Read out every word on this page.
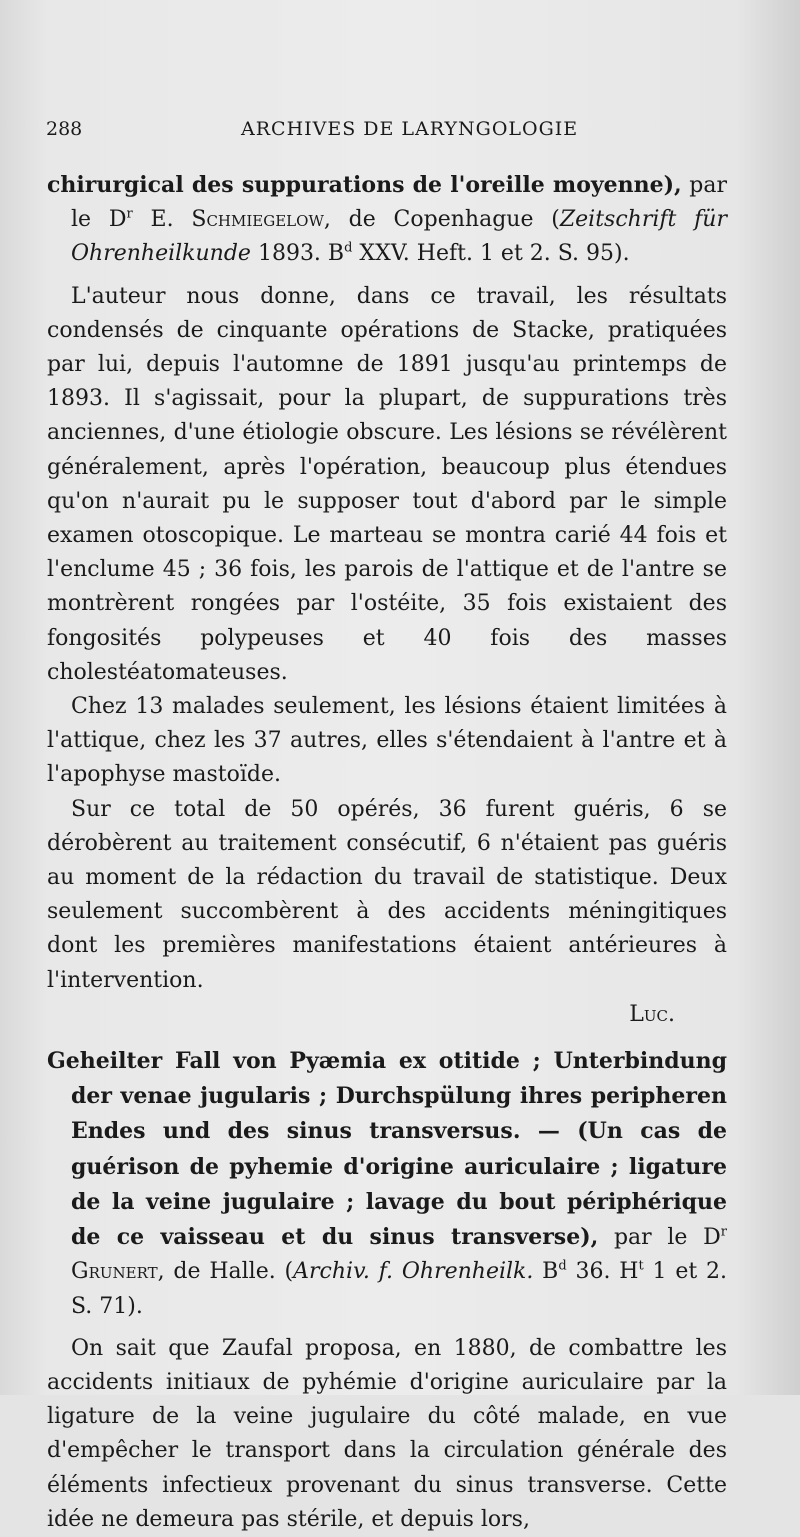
288	ARCHIVES DE LARYNGOLOGIE

chirurgical des suppurations de l'oreille moyenne), par le $D^r$ E. Schmiegelow, de Copenhague (Zeitschrift für Ohrenheilkunde 1893. $B^d$ XXV. Heft. 1 et 2. S. 95).

L'auteur nous donne, dans ce travail, les résultats condensés de cinquante opérations de Stacke, pratiquées par lui, depuis l'automne de 1891 jusqu'au printemps de 1893. Il s'agissait, pour la plupart, de suppurations très anciennes, d'une étiologie obscure. Les lésions se révélèrent généralement, après l'opération, beaucoup plus étendues qu'on n'aurait pu le supposer tout d'abord par le simple examen otoscopique. Le marteau se montra carié 44 fois et l'enclume 45 ; 36 fois, les parois de l'attique et de l'antre se montrèrent rongées par l'ostéite, 35 fois existaient des fongosités polypeuses et 40 fois des masses cholestéatomateuses.

Chez 13 malades seulement, les lésions étaient limitées à l'attique, chez les 37 autres, elles s'étendaient à l'antre et à l'apophyse mastoïde.

Sur ce total de 50 opérés, 36 furent guéris, 6 se dérobèrent au traitement consécutif, 6 n'étaient pas guéris au moment de la rédaction du travail de statistique. Deux seulement succombèrent à des accidents méningitiques dont les premières manifestations étaient antérieures à l'intervention.

Luc.

Geheilter Fall von Pyæmia ex otitide ; Unterbindung der venae jugularis ; Durchspülung ihres peripheren Endes und des sinus transversus. — (Un cas de guérison de pyhemie d'origine auriculaire ; ligature de la veine jugulaire ; lavage du bout périphérique de ce vaisseau et du sinus transverse), par le $D^r$ Grunert, de Halle. (Archiv. f. Ohrenheilk. $B^d$ 36. $H^t$ 1 et 2. S. 71).

On sait que Zaufal proposa, en 1880, de combattre les accidents initiaux de pyhémie d'origine auriculaire par la ligature de la veine jugulaire du côté malade, en vue d'empêcher le transport dans la circulation générale des éléments infectieux provenant du sinus transverse. Cette idée ne demeura pas stérile, et depuis lors,
